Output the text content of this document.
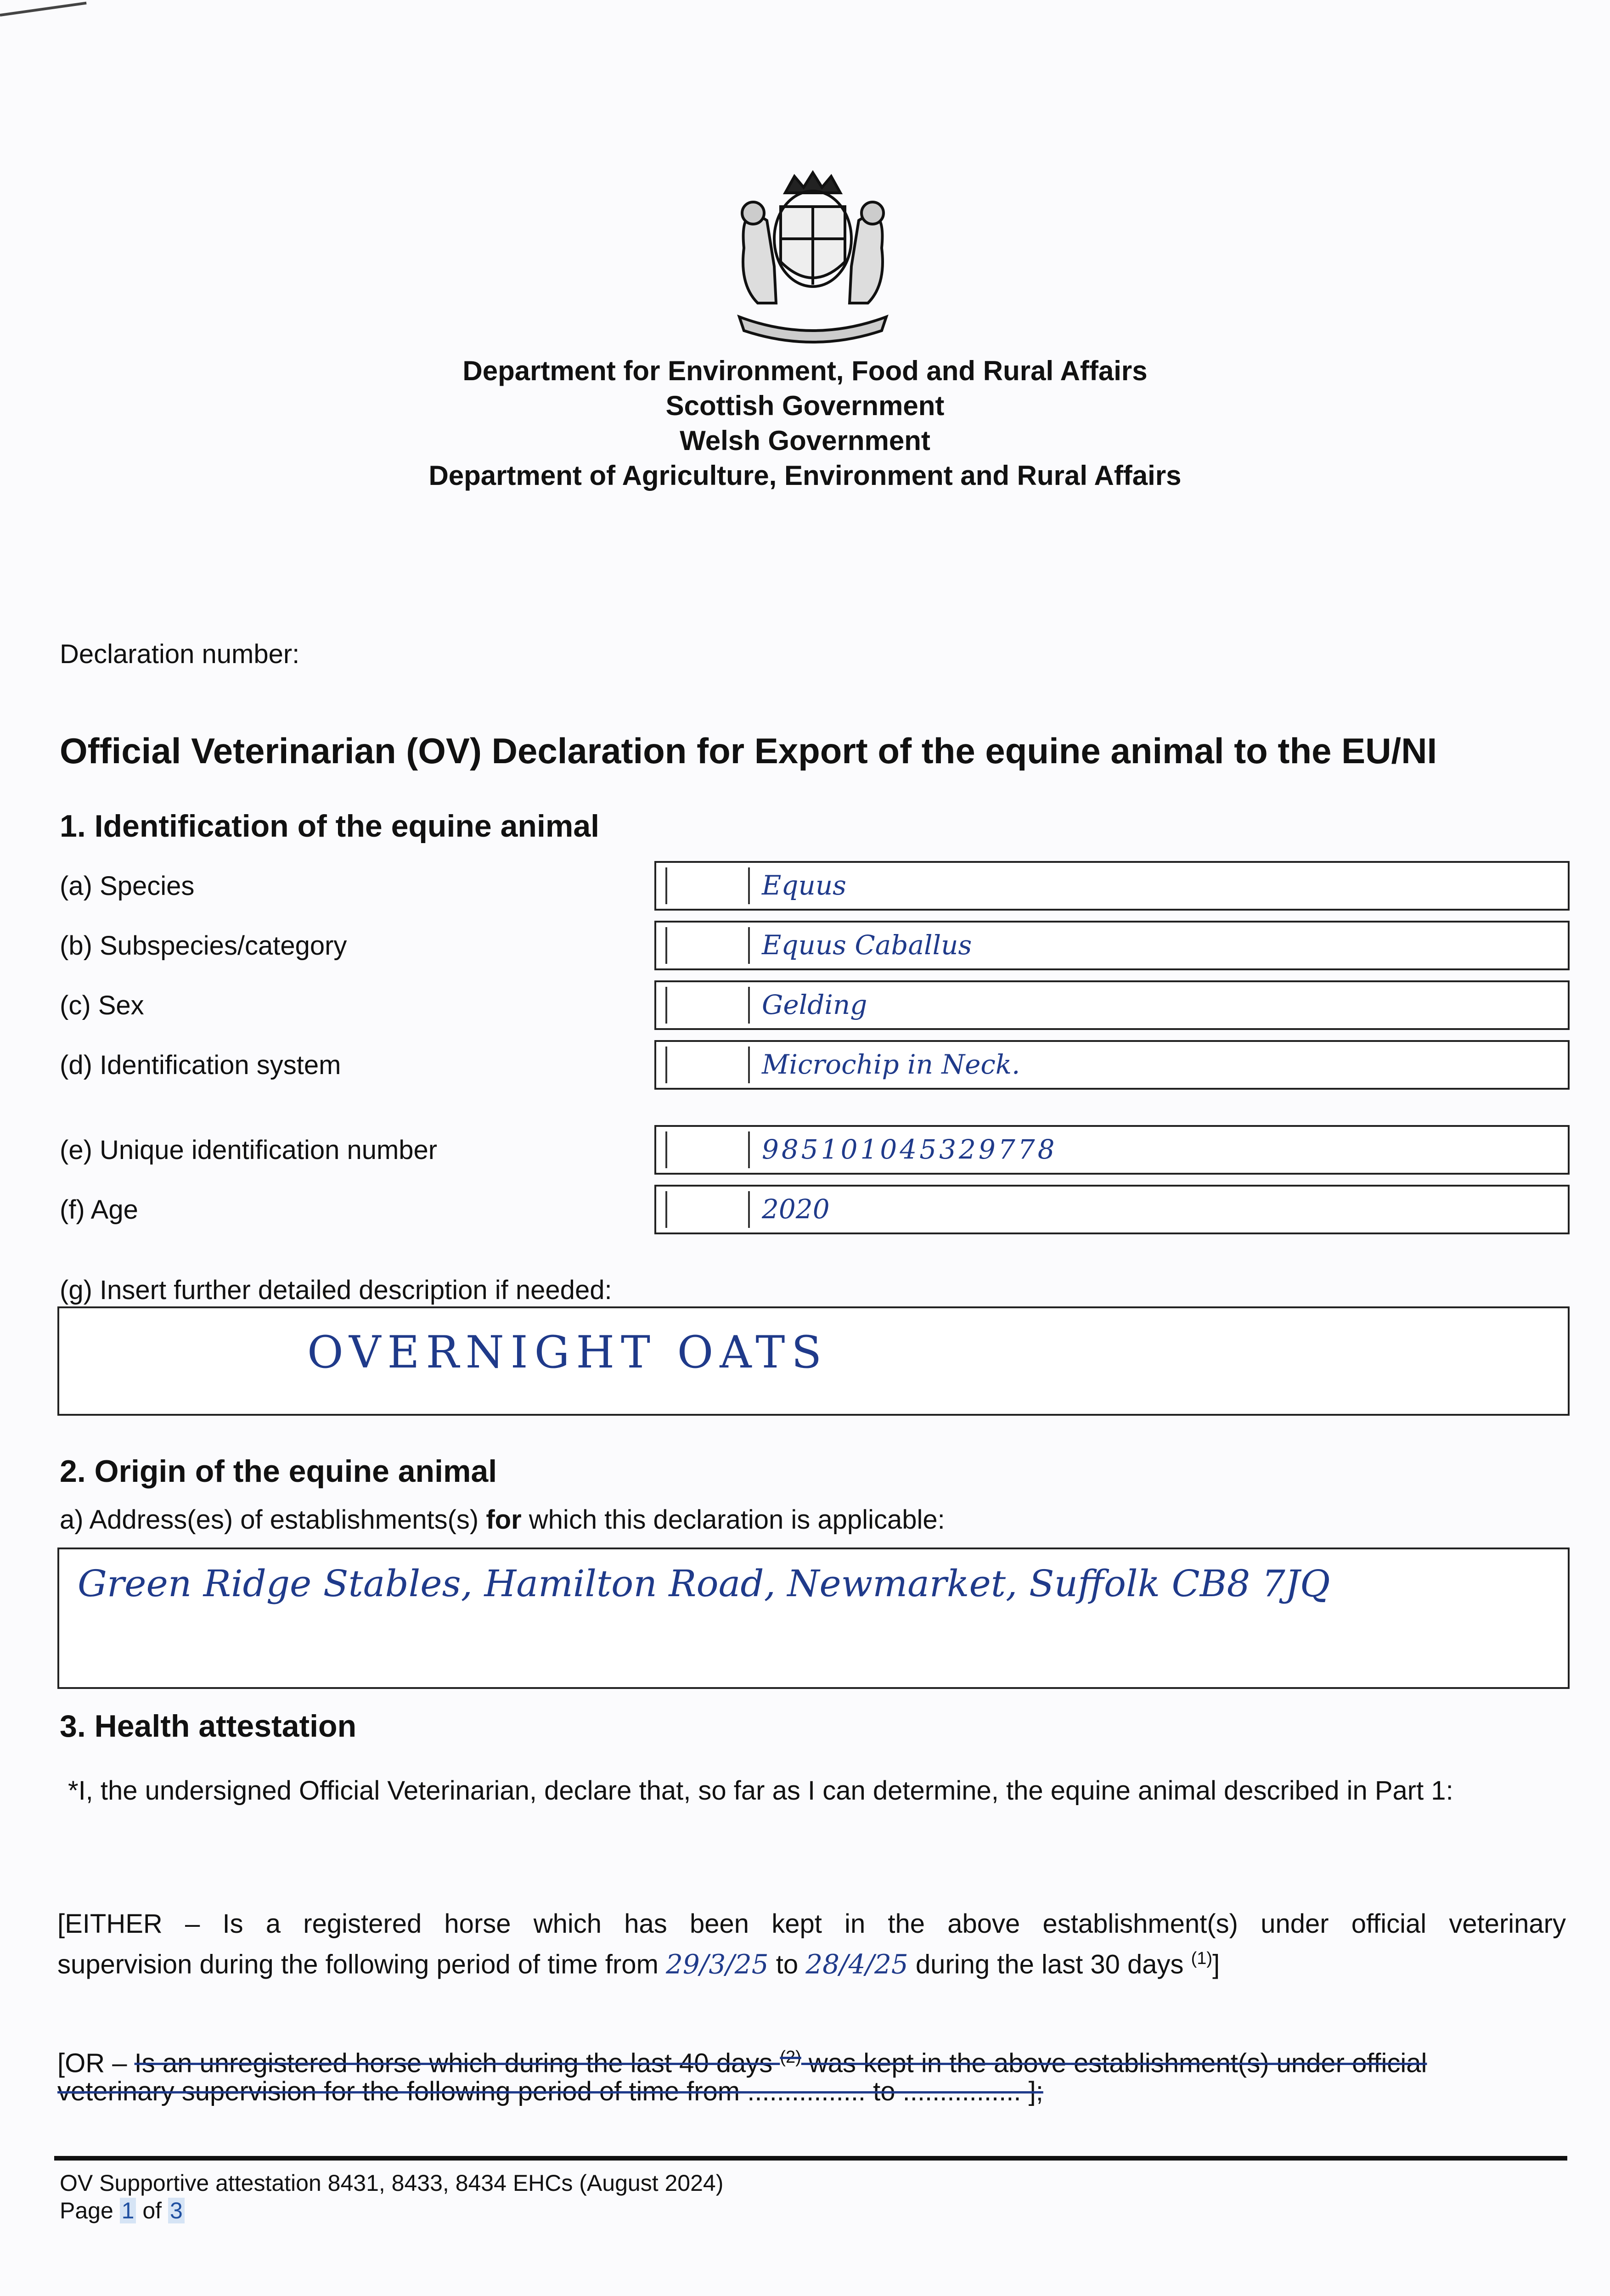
Department for Environment, Food and Rural Affairs
Scottish Government
Welsh Government
Department of Agriculture, Environment and Rural Affairs
Declaration number:
Official Veterinarian (OV) Declaration for Export of the equine animal to the EU/NI
1. Identification of the equine animal
(a) Species	Equus
(b) Subspecies/category	Equus Caballus
(c) Sex	Gelding
(d) Identification system	Microchip in Neck.
(e) Unique identification number	985101045329778
(f) Age	2020
(g) Insert further detailed description if needed:
OVERNIGHT OATS
2. Origin of the equine animal
a) Address(es) of establishments(s) for which this declaration is applicable:
Green Ridge Stables, Hamilton Road, Newmarket, Suffolk CB8 7JQ
3. Health attestation
*I, the undersigned Official Veterinarian, declare that, so far as I can determine, the equine animal described in Part 1:
[EITHER – Is a registered horse which has been kept in the above establishment(s) under official veterinary
supervision during the following period of time from 29/3/25 to 28/4/25 during the last 30 days $^{(1)}$]
[OR – Is an unregistered horse which during the last 40 days $^{(2)}$ was kept in the above establishment(s) under official
veterinary supervision for the following period of time from ................ to ................ ];
OV Supportive attestation 8431, 8433, 8434 EHCs (August 2024)
Page 1 of 3
